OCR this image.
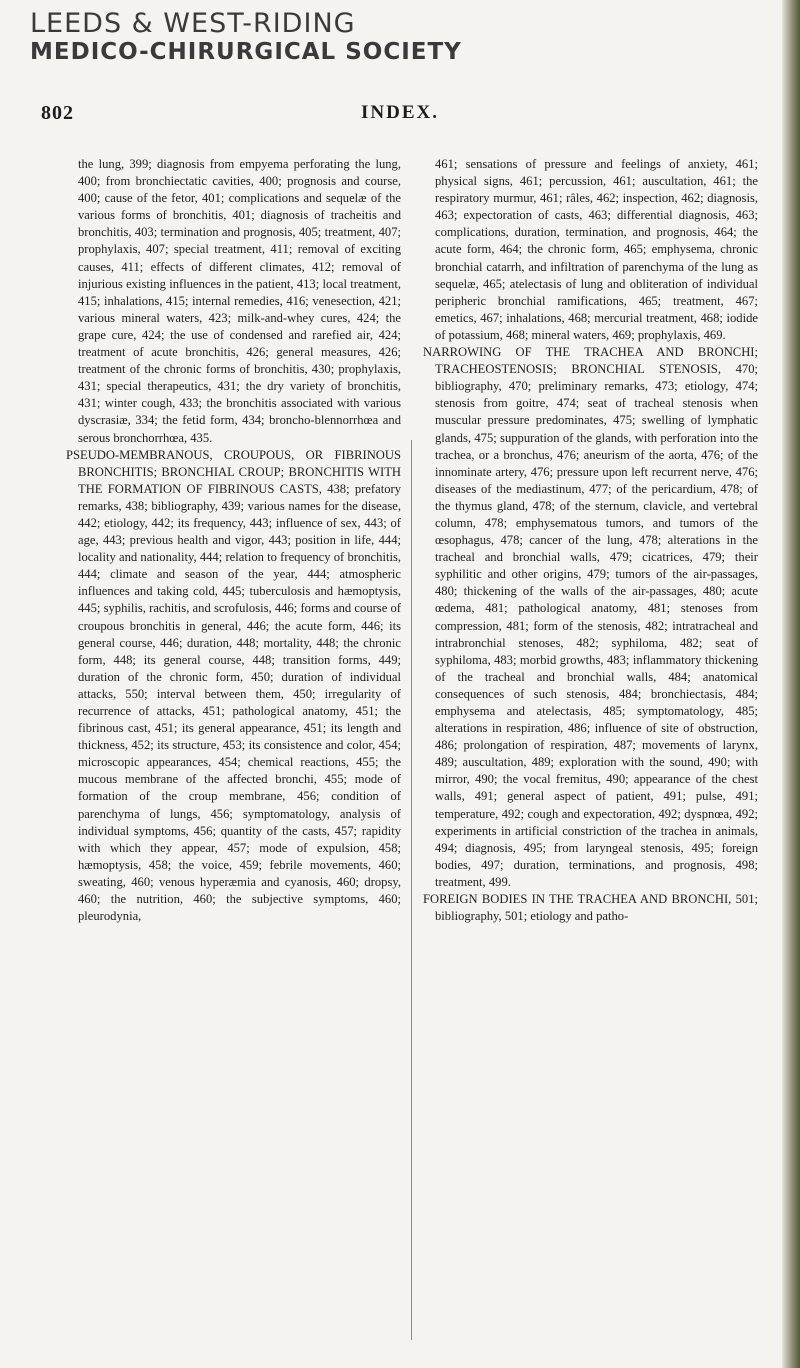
LEEDS & WEST-RIDING
MEDICO-CHIRURGICAL SOCIETY
INDEX.
802

the lung, 399; diagnosis from empyema perforating the lung, 400; from bronchiectatic cavities, 400; prognosis and course, 400; cause of the fetor, 401; complications and sequelæ of the various forms of bronchitis, 401; diagnosis of tracheitis and bronchitis, 403; termination and prognosis, 405; treatment, 407; prophylaxis, 407; special treatment, 411; removal of exciting causes, 411; effects of different climates, 412; removal of injurious existing influences in the patient, 413; local treatment, 415; inhalations, 415; internal remedies, 416; venesection, 421; various mineral waters, 423; milk-and-whey cures, 424; the grape cure, 424; the use of condensed and rarefied air, 424; treatment of acute bronchitis, 426; general measures, 426; treatment of the chronic forms of bronchitis, 430; prophylaxis, 431; special therapeutics, 431; the dry variety of bronchitis, 431; winter cough, 433; the bronchitis associated with various dyscrasiæ, 334; the fetid form, 434; broncho-blennorrhœa and serous bronchorrhœa, 435.

PSEUDO-MEMBRANOUS, CROUPOUS, OR FIBRINOUS BRONCHITIS; BRONCHIAL CROUP; BRONCHITIS WITH THE FORMATION OF FIBRINOUS CASTS, 438; prefatory remarks, 438; bibliography, 439; various names for the disease, 442; etiology, 442; its frequency, 443; influence of sex, 443; of age, 443; previous health and vigor, 443; position in life, 444; locality and nationality, 444; relation to frequency of bronchitis, 444; climate and season of the year, 444; atmospheric influences and taking cold, 445; tuberculosis and hæmoptysis, 445; syphilis, rachitis, and scrofulosis, 446; forms and course of croupous bronchitis in general, 446; the acute form, 446; its general course, 446; duration, 448; mortality, 448; the chronic form, 448; its general course, 448; transition forms, 449; duration of the chronic form, 450; duration of individual attacks, 550; interval between them, 450; irregularity of recurrence of attacks, 451; pathological anatomy, 451; the fibrinous cast, 451; its general appearance, 451; its length and thickness, 452; its structure, 453; its consistence and color, 454; microscopic appearances, 454; chemical reactions, 455; the mucous membrane of the affected bronchi, 455; mode of formation of the croup membrane, 456; condition of parenchyma of lungs, 456; symptomatology, analysis of individual symptoms, 456; quantity of the casts, 457; rapidity with which they appear, 457; mode of expulsion, 458; hæmoptysis, 458; the voice, 459; febrile movements, 460; sweating, 460; venous hyperæmia and cyanosis, 460; dropsy, 460; the nutrition, 460; the subjective symptoms, 460; pleurodynia,

461; sensations of pressure and feelings of anxiety, 461; physical signs, 461; percussion, 461; auscultation, 461; the respiratory murmur, 461; râles, 462; inspection, 462; diagnosis, 463; expectoration of casts, 463; differential diagnosis, 463; complications, duration, termination, and prognosis, 464; the acute form, 464; the chronic form, 465; emphysema, chronic bronchial catarrh, and infiltration of parenchyma of the lung as sequelæ, 465; atelectasis of lung and obliteration of individual peripheric bronchial ramifications, 465; treatment, 467; emetics, 467; inhalations, 468; mercurial treatment, 468; iodide of potassium, 468; mineral waters, 469; prophylaxis, 469.

NARROWING OF THE TRACHEA AND BRONCHI; TRACHEOSTENOSIS; BRONCHIAL STENOSIS, 470; bibliography, 470; preliminary remarks, 473; etiology, 474; stenosis from goitre, 474; seat of tracheal stenosis when muscular pressure predominates, 475; swelling of lymphatic glands, 475; suppuration of the glands, with perforation into the trachea, or a bronchus, 476; aneurism of the aorta, 476; of the innominate artery, 476; pressure upon left recurrent nerve, 476; diseases of the mediastinum, 477; of the pericardium, 478; of the thymus gland, 478; of the sternum, clavicle, and vertebral column, 478; emphysematous tumors, and tumors of the œsophagus, 478; cancer of the lung, 478; alterations in the tracheal and bronchial walls, 479; cicatrices, 479; their syphilitic and other origins, 479; tumors of the air-passages, 480; thickening of the walls of the air-passages, 480; acute œdema, 481; pathological anatomy, 481; stenoses from compression, 481; form of the stenosis, 482; intratracheal and intrabronchial stenoses, 482; syphiloma, 482; seat of syphiloma, 483; morbid growths, 483; inflammatory thickening of the tracheal and bronchial walls, 484; anatomical consequences of such stenosis, 484; bronchiectasis, 484; emphysema and atelectasis, 485; symptomatology, 485; alterations in respiration, 486; influence of site of obstruction, 486; prolongation of respiration, 487; movements of larynx, 489; auscultation, 489; exploration with the sound, 490; with mirror, 490; the vocal fremitus, 490; appearance of the chest walls, 491; general aspect of patient, 491; pulse, 491; temperature, 492; cough and expectoration, 492; dyspnœa, 492; experiments in artificial constriction of the trachea in animals, 494; diagnosis, 495; from laryngeal stenosis, 495; foreign bodies, 497; duration, terminations, and prognosis, 498; treatment, 499.

FOREIGN BODIES IN THE TRACHEA AND BRONCHI, 501; bibliography, 501; etiology and patho-
